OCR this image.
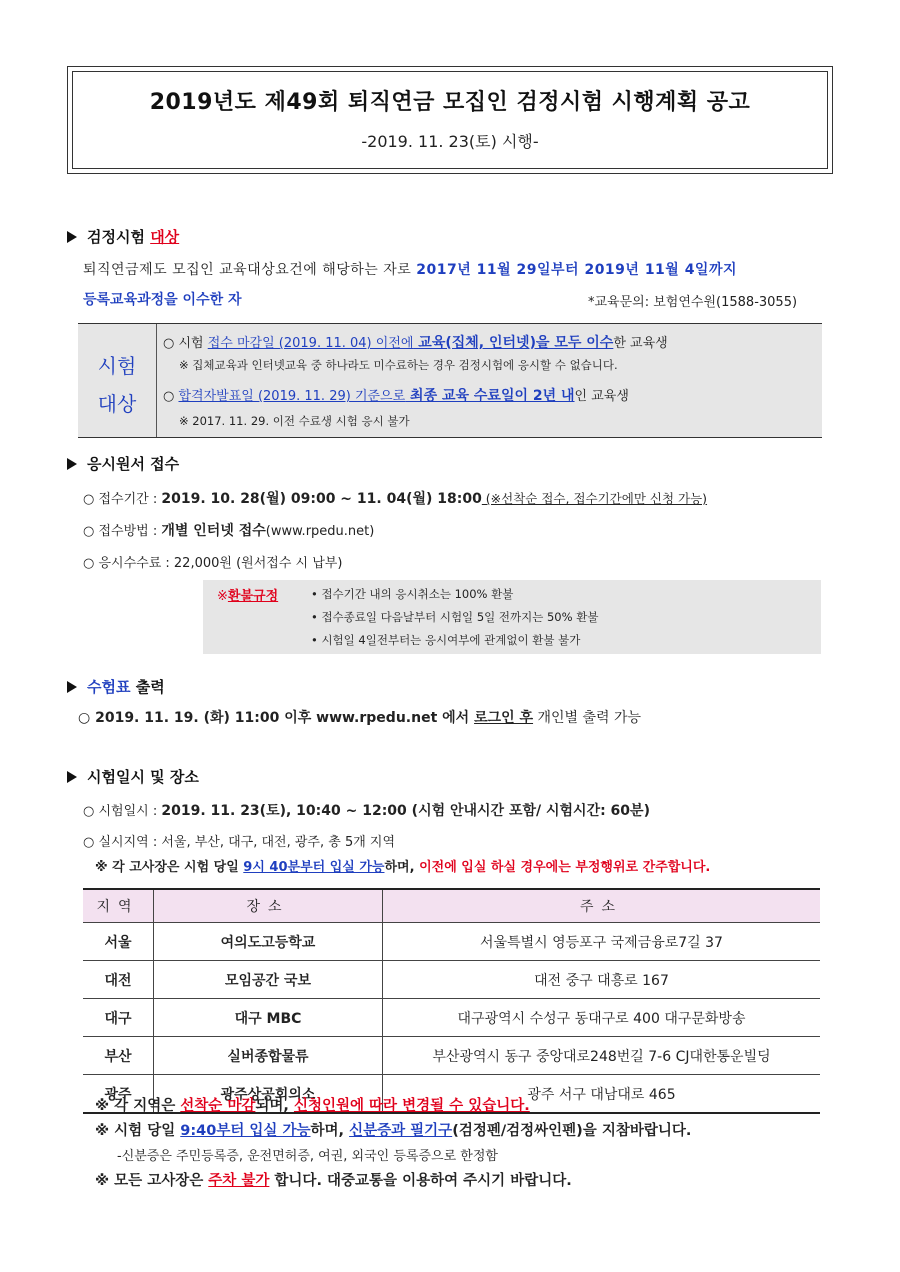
2019년도 제49회 퇴직연금 모집인 검정시험 시행계획 공고
-2019. 11. 23(토) 시행-
검정시험 대상
퇴직연금제도 모집인 교육대상요건에 해당하는 자로 2017년 11월 29일부터 2019년 11월 4일까지
등록교육과정을 이수한 자	*교육문의: 보험연수원(1588-3055)
시험
대상
○ 시험 접수 마감일 (2019. 11. 04) 이전에 교육(집체, 인터넷)을 모두 이수한 교육생
※ 집체교육과 인터넷교육 중 하나라도 미수료하는 경우 검정시험에 응시할 수 없습니다.
○ 합격자발표일 (2019. 11. 29) 기준으로 최종 교육 수료일이 2년 내인 교육생
※ 2017. 11. 29. 이전 수료생 시험 응시 불가
응시원서 접수
○ 접수기간 : 2019. 10. 28(월) 09:00 ~ 11. 04(월) 18:00 (※선착순 접수, 접수기간에만 신청 가능)
○ 접수방법 : 개별 인터넷 접수(www.rpedu.net)
○ 응시수수료 : 22,000원 (원서접수 시 납부)
※환불규정	• 접수기간 내의 응시취소는 100% 환불
• 접수종료일 다음날부터 시험일 5일 전까지는 50% 환불
• 시험일 4일전부터는 응시여부에 관계없이 환불 불가
수험표 출력
○ 2019. 11. 19. (화) 11:00 이후 www.rpedu.net 에서 로그인 후 개인별 출력 가능
시험일시 및 장소
○ 시험일시 : 2019. 11. 23(토), 10:40 ~ 12:00 (시험 안내시간 포함/ 시험시간: 60분)
○ 실시지역 : 서울, 부산, 대구, 대전, 광주, 총 5개 지역
※ 각 고사장은 시험 당일 9시 40분부터 입실 가능하며, 이전에 입실 하실 경우에는 부정행위로 간주합니다.
지역	장소	주소
서울	여의도고등학교	서울특별시 영등포구 국제금융로7길 37
대전	모임공간 국보	대전 중구 대흥로 167
대구	대구 MBC	대구광역시 수성구 동대구로 400 대구문화방송
부산	실버종합물류	부산광역시 동구 중앙대로248번길 7-6 CJ대한통운빌딩
광주	광주상공회의소	광주 서구 대남대로 465
※ 각 지역은 선착순 마감되며, 신청인원에 따라 변경될 수 있습니다.
※ 시험 당일 9:40부터 입실 가능하며, 신분증과 필기구(검정펜/검정싸인펜)을 지참바랍니다.
-신분증은 주민등록증, 운전면허증, 여권, 외국인 등록증으로 한정함
※ 모든 고사장은 주차 불가 합니다. 대중교통을 이용하여 주시기 바랍니다.
